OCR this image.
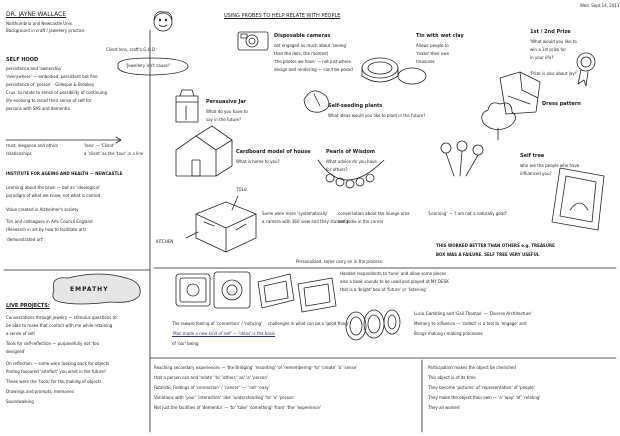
Wed. Sept 14, 2011
DR. JAYNE WALLACE
Northumbria and Newcastle Unis.
Background in craft / jewellery practice
Client lens, craft's G.H.D
'Jewellery isn't cause!'
SELF HOOD
persistence and 'ownership'
'everywhere' — embodied, persistent but fine
persistence of 'person' · Gillespie & Breakey
Crux: to relate to sense of possibility of continuing
life evolving to recall their sense of self for
persons with SAS and dementia
trust, elegance and ethics
relationships
'lens' — 'Client'
a 'client' as the 'tour' in a line
INSTITUTE FOR AGEING AND HEALTH — NEWCASTLE
Learning about the brain — but an 'ideological'
paradigm of what we know, not what is carried
Value created in Alzheimer's society
Tim and colleagues in Arts Council England
(Research in art by how to facilitate art)
'demonstrated art'
EMPATHY
LIVE PROJECTS:
Conversations through jewelry — stimulus questions to
be able to make that contact with me while retaining
a sense of self
Tools for self-reflection — purposefully not 'too
designed'
On reflection — some were looking back for objects
finding favoured 'artefact' you want in the future?
These were the 'tools' for the making of objects
Drawings and prompts, memories
Soundwalking
USING PROBES TO HELP RELATE WITH PEOPLE
Disposable cameras
not engaged as much about 'seeing'
than the dots, the moment
'the photos we have' — not just where
design and rendering — can't be posed
Persuasive Jar
What do you have to
say in the future?
Self-seeding plants
What ideas would you like to plant in the future?
Cardboard model of house
What is home to you?
Pearls of Wisdom
What advice do you have
for others?
TOLU
KITCHEN
Some were more 'systematically'
a camera with 360 view and they started a
conversation about the lounge area
and Jodie in the corner
Personalized, some carry on in the process
'Learning' — 'I am not a naturally good'
THIS WORKED BETTER THAN OTHERS e.g. TREASURE
BOX WAS A FAILURE. SELF TREE VERY USEFUL
Tin with wet clay
Allows people to
'make' their own
treasures
1st / 2nd Prize
'What would you like to
win a 1st prize for
in your life?'
'Prize is also about joy!'
Dress pattern
Self tree
who are the people who have
influenced you?
Handed respondents to 'tune' and allow some pieces
also a book sounds to be used and played at MY DESK
that is a 'bright' box of 'future' or 'listening'
The reward feeling of 'connection' / 'noticing' challenges in what can be a 'good thing'
'Man made a new kind of self' — 'ideas' is the basis
of 'our' being
Lucia Gambling and 'Gail Thomas' — 'Diverse Architecture'
Memory to influence — 'collect' is a tool to 'engage' and
Brings making / making processes
Reaching secondary experiences — 'the Bridging' 'recording' 'of 'remembering' 'to' 'create' 'a' 'sense'
that a person can and 'relate' 'to' 'others' 'as' 'a' 'person'
Fatalistic Findings of 'connection' / 'cancer' '—' 'not' 'easy'
Variations with 'your' 'interaction' 'like' 'understanding' 'to' 'a' 'person'
Not just the facilities of 'dementia' — 'to' 'take' 'something' 'from' 'the' 'experience'
Participation makes the object be cherished
This object is of its time
They become 'pictures' of 'representation' of 'people'
They make the object their own — 'a' 'way' 'of' 'relating'
They all worked
